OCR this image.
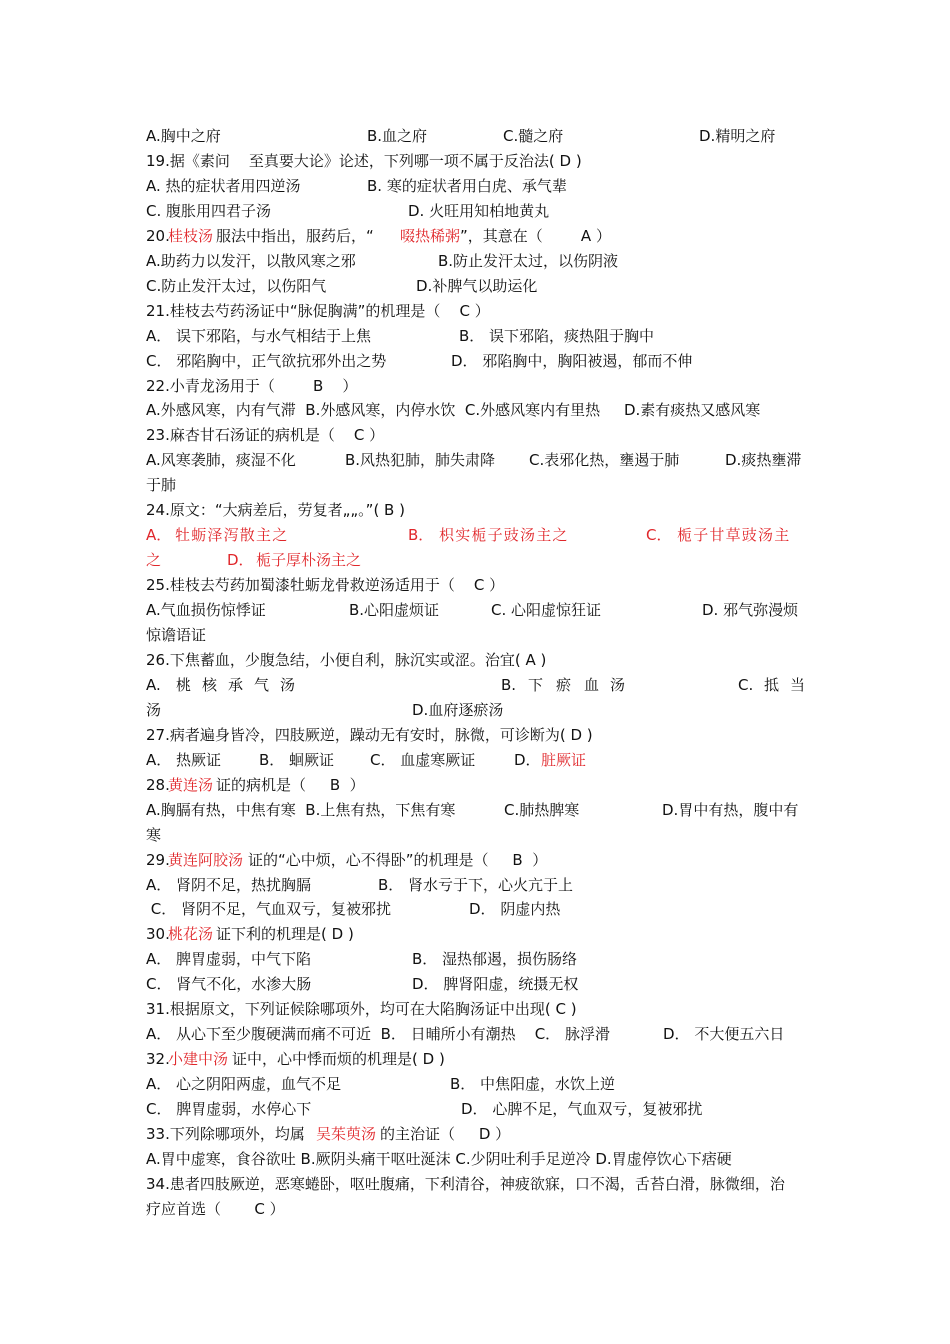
A.胸中之府	B.血之府	C.髓之府	D.精明之府
19.据《素问    至真要大论》论述，下列哪一项不属于反治法( D )
A. 热的症状者用四逆汤	B. 寒的症状者用白虎、承气辈
C. 腹胀用四君子汤	D. 火旺用知柏地黄丸
20.
桂枝汤 服法中指出，服药后，“ 啜热稀粥 ”，其意在（        A ）
A.助药力以发汗，以散风寒之邪	B.防止发汗太过，以伤阴液
C.防止发汗太过，以伤阳气	D.补脾气以助运化
21.桂枝去芍药汤证中“脉促胸满”的机理是（    C ）
A． 误下邪陷，与水气相结于上焦	B． 误下邪陷，痰热阻于胸中
C． 邪陷胸中，正气欲抗邪外出之势	D． 邪陷胸中，胸阳被遏，郁而不伸
22.小青龙汤用于（        B    ）
A.外感风寒，内有气滞  B.外感风寒，内停水饮  C.外感风寒内有里热     D.素有痰热又感风寒
23.麻杏甘石汤证的病机是（    C ）
A.风寒袭肺，痰湿不化	B.风热犯肺，肺失肃降 C.表邪化热，壅遏于肺	D.痰热壅滞
于肺
24.原文：“大病差后，劳复者„„。”( B )
A． 牡蛎泽泻散主之	B． 枳实栀子豉汤主之	C． 栀子甘草豉汤主
之	D． 栀子厚朴汤主之
25.桂枝去芍药加蜀漆牡蛎龙骨救逆汤适用于（    C ）
A.气血损伤惊悸证	B.心阳虚烦证	C. 心阳虚惊狂证	D. 邪气弥漫烦
惊谵语证
26.下焦蓄血，少腹急结，小便自利，脉沉实或涩。治宜( A )
A. 桃 核 承 气 汤	B. 下 瘀 血 汤	C. 抵 当
汤	D.血府逐瘀汤
27.病者遍身皆冷，四肢厥逆，躁动无有安时，脉微，可诊断为( D )
A． 热厥证	B． 蛔厥证 C． 血虚寒厥证	D． 脏厥证
28.
黄连汤 证的病机是（     B  ）
A.胸膈有热，中焦有寒  B.上焦有热，下焦有寒	C.肺热脾寒	D.胃中有热，腹中有
寒
29.
黄连阿胶汤 证的“心中烦，心不得卧”的机理是（     B  ）
A． 肾阴不足，热扰胸膈	B． 肾水亏于下，心火亢于上
C． 肾阴不足，气血双亏，复被邪扰	D． 阴虚内热
30.
桃花汤 证下利的机理是( D )
A． 脾胃虚弱，中气下陷	B． 湿热郁遏，损伤肠络
C． 肾气不化，水渗大肠	D． 脾肾阳虚，统摄无权
31.根据原文，下列证候除哪项外，均可在大陷胸汤证中出现( C )
A． 从心下至少腹硬满而痛不可近  B． 日晡所小有潮热    C． 脉浮滑	D． 不大便五六日
32.
小建中汤 证中，心中悸而烦的机理是( D )
A． 心之阴阳两虚，血气不足	B． 中焦阳虚，水饮上逆
C． 脾胃虚弱，水停心下	D． 心脾不足，气血双亏，复被邪扰
33.下列除哪项外，均属 吴茱萸汤 的主治证（     D ）
A.胃中虚寒，食谷欲吐 B.厥阴头痛干呕吐涎沫 C.少阴吐利手足逆冷 D.胃虚停饮心下痞硬
34.患者四肢厥逆，恶寒蜷卧，呕吐腹痛，下利清谷，神疲欲寐，口不渴，舌苔白滑，脉微细，治
疗应首选（       C ）
